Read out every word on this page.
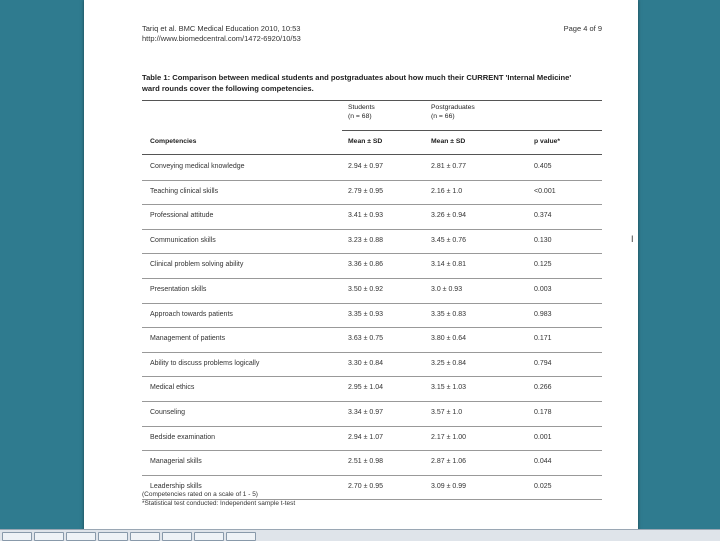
Tariq et al. BMC Medical Education 2010, 10:53
http://www.biomedcentral.com/1472-6920/10/53
Page 4 of 9
Table 1: Comparison between medical students and postgraduates about how much their CURRENT 'Internal Medicine'
ward rounds cover the following competencies.
Students
(n = 68)
Postgraduates
(n = 66)
Competencies	Mean ± SD	Mean ± SD	p value*
Conveying medical knowledge	2.94 ± 0.97	2.81 ± 0.77	0.405
Teaching clinical skills	2.79 ± 0.95	2.16 ± 1.0	<0.001
Professional attitude	3.41 ± 0.93	3.26 ± 0.94	0.374
Communication skills	3.23 ± 0.88	3.45 ± 0.76	0.130
Clinical problem solving ability	3.36 ± 0.86	3.14 ± 0.81	0.125
Presentation skills	3.50 ± 0.92	3.0 ± 0.93	0.003
Approach towards patients	3.35 ± 0.93	3.35 ± 0.83	0.983
Management of patients	3.63 ± 0.75	3.80 ± 0.64	0.171
Ability to discuss problems logically	3.30 ± 0.84	3.25 ± 0.84	0.794
Medical ethics	2.95 ± 1.04	3.15 ± 1.03	0.266
Counseling	3.34 ± 0.97	3.57 ± 1.0	0.178
Bedside examination	2.94 ± 1.07	2.17 ± 1.00	0.001
Managerial skills	2.51 ± 0.98	2.87 ± 1.06	0.044
Leadership skills	2.70 ± 0.95	3.09 ± 0.99	0.025
(Competencies rated on a scale of 1 - 5)
*Statistical test conducted: Independent sample t-test
I
